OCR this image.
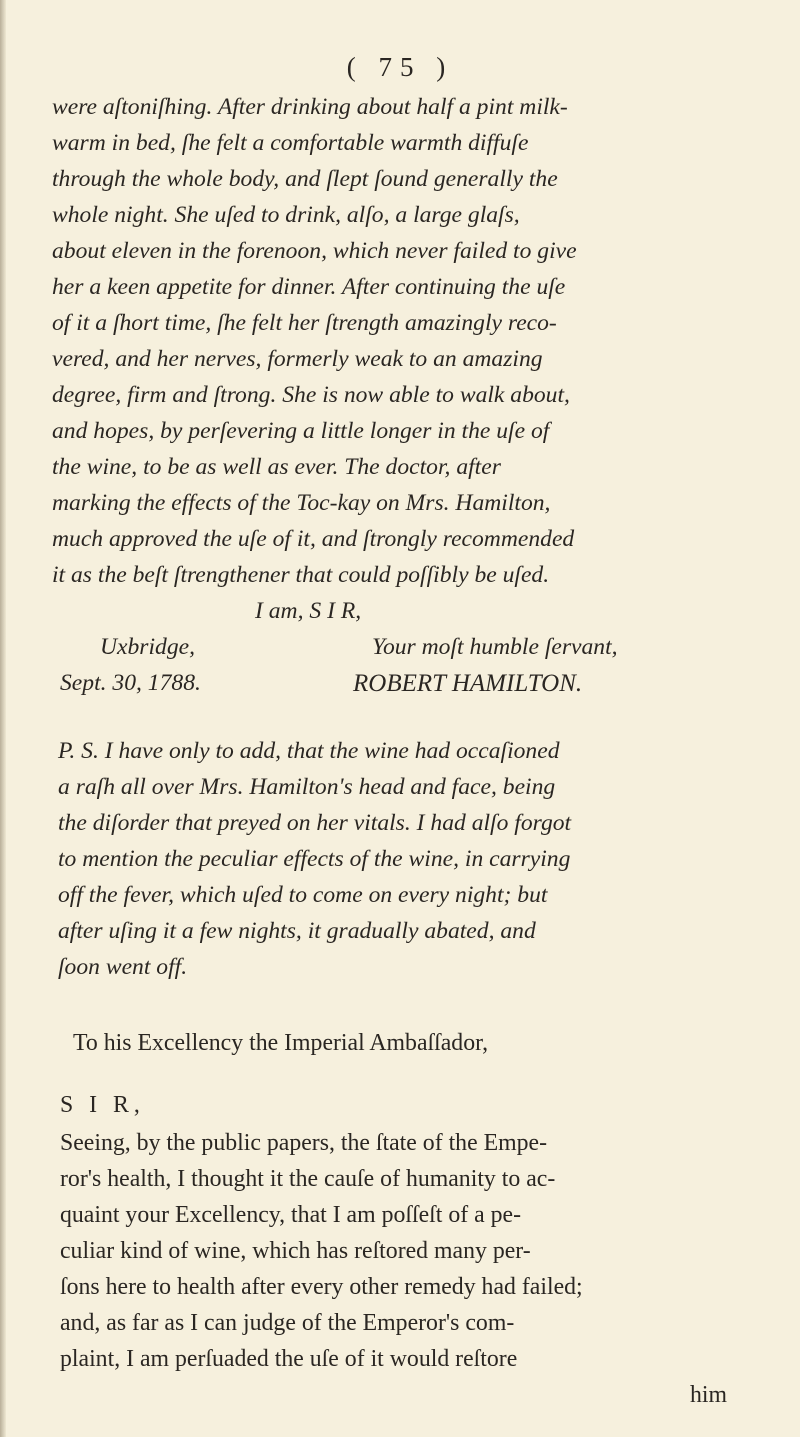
( 75 )
were aſtoniſhing. After drinking about half a pint milk-
warm in bed, ſhe felt a comfortable warmth diffuſe
through the whole body, and ſlept ſound generally the
whole night. She uſed to drink, alſo, a large glaſs,
about eleven in the forenoon, which never failed to give
her a keen appetite for dinner. After continuing the uſe
of it a ſhort time, ſhe felt her ſtrength amazingly reco-
vered, and her nerves, formerly weak to an amazing
degree, firm and ſtrong. She is now able to walk about,
and hopes, by perſevering a little longer in the uſe of
the wine, to be as well as ever. The doctor, after
marking the effects of the Toc-kay on Mrs. Hamilton,
much approved the uſe of it, and ſtrongly recommended
it as the beſt ſtrengthener that could poſſibly be uſed.
I am, S I R,
Uxbridge,	Your moſt humble ſervant,
Sept. 30, 1788.	ROBERT HAMILTON.
P. S. I have only to add, that the wine had occaſioned
a raſh all over Mrs. Hamilton's head and face, being
the diſorder that preyed on her vitals. I had alſo forgot
to mention the peculiar effects of the wine, in carrying
off the fever, which uſed to come on every night; but
after uſing it a few nights, it gradually abated, and
ſoon went off.
To his Excellency the Imperial Ambaſſador,
S I R,
Seeing, by the public papers, the ſtate of the Empe-
ror's health, I thought it the cauſe of humanity to ac-
quaint your Excellency, that I am poſſeſt of a pe-
culiar kind of wine, which has reſtored many per-
ſons here to health after every other remedy had failed;
and, as far as I can judge of the Emperor's com-
plaint, I am perſuaded the uſe of it would reſtore
him
